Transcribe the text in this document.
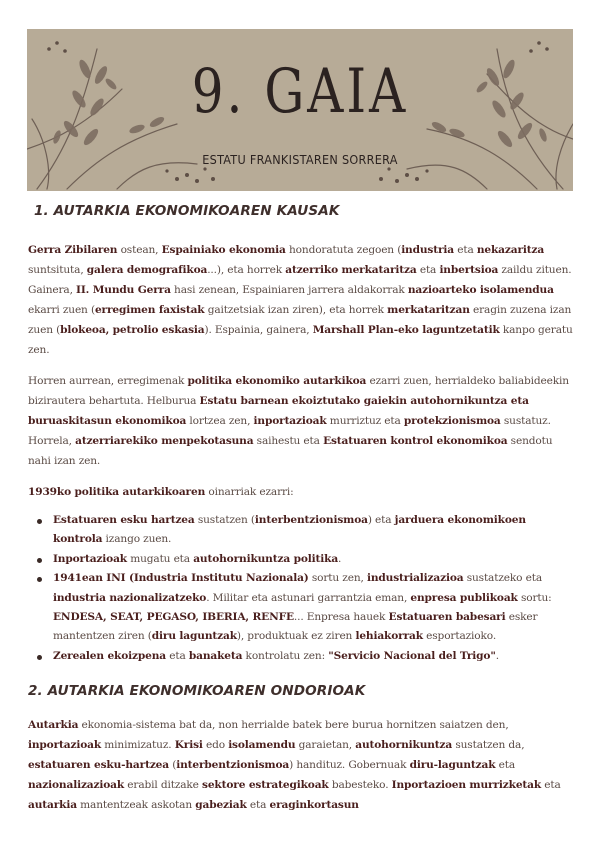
9. GAIA
ESTATU FRANKISTAREN SORRERA
1. AUTARKIA EKONOMIKOAREN KAUSAK

Gerra Zibilaren ostean, Espainiako ekonomia hondoratuta zegoen (industria eta nekazaritza suntsituta, galera demografikoa...), eta horrek atzerriko merkataritza eta inbertsioa zaildu zituen. Gainera, II. Mundu Gerra hasi zenean, Espainiaren jarrera aldakorrak nazioarteko isolamendua ekarri zuen (erregimen faxistak gaitzetsiak izan ziren), eta horrek merkataritzan eragin zuzena izan zuen (blokeoa, petrolio eskasia). Espainia, gainera, Marshall Plan-eko laguntzetatik kanpo geratu zen.

Horren aurrean, erregimenak politika ekonomiko autarkikoa ezarri zuen, herrialdeko baliabideekin bizirautera behartuta. Helburua Estatu barnean ekoiztutako gaiekin autohornikuntza eta buruaskitasun ekonomikoa lortzea zen, inportazioak murriztuz eta protekzionismoa sustatuz. Horrela, atzerriarekiko menpekotasuna saihestu eta Estatuaren kontrol ekonomikoa sendotu nahi izan zen.

1939ko politika autarkikoaren oinarriak ezarri:

Estatuaren esku hartzea sustatzen (interbentzionismoa) eta jarduera ekonomikoen kontrola izango zuen.
Inportazioak mugatu eta autohornikuntza politika.
1941ean INI (Industria Institutu Nazionala) sortu zen, industrializazioa sustatzeko eta industria nazionalizatzeko. Militar eta astunari garrantzia eman, enpresa publikoak sortu: ENDESA, SEAT, PEGASO, IBERIA, RENFE... Enpresa hauek Estatuaren babesari esker mantentzen ziren (diru laguntzak), produktuak ez ziren lehiakorrak esportazioko.
Zerealen ekoizpena eta banaketa kontrolatu zen: "Servicio Nacional del Trigo".
2. AUTARKIA EKONOMIKOAREN ONDORIOAK

Autarkia ekonomia-sistema bat da, non herrialde batek bere burua hornitzen saiatzen den, inportazioak minimizatuz. Krisi edo isolamendu garaietan, autohornikuntza sustatzen da, estatuaren esku-hartzea (interbentzionismoa) handituz. Gobernuak diru-laguntzak eta nazionalizazioak erabil ditzake sektore estrategikoak babesteko. Inportazioen murrizketak eta autarkia mantentzeak askotan gabeziak eta eraginkortasun
